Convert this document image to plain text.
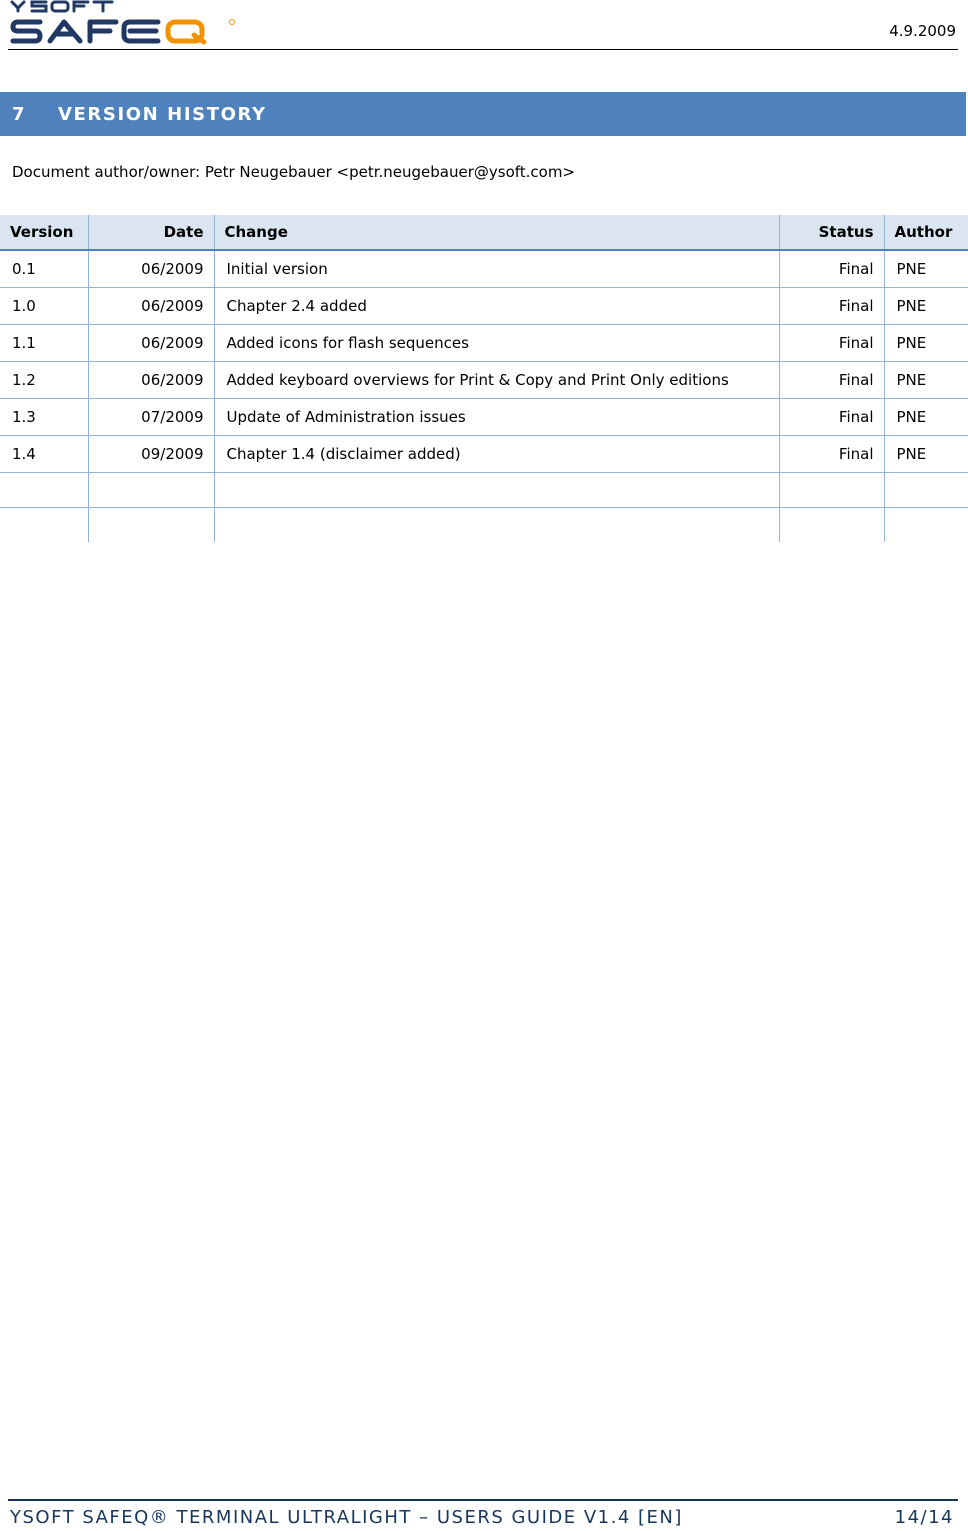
4.9.2009
7	VERSION HISTORY
Document author/owner: Petr Neugebauer <petr.neugebauer@ysoft.com>
Version	Date	Change	Status	Author
0.1	06/2009	Initial version	Final	PNE
1.0	06/2009	Chapter 2.4 added	Final	PNE
1.1	06/2009	Added icons for flash sequences	Final	PNE
1.2	06/2009	Added keyboard overviews for Print & Copy and Print Only editions	Final	PNE
1.3	07/2009	Update of Administration issues	Final	PNE
1.4	09/2009	Chapter 1.4 (disclaimer added)	Final	PNE

YSOFT SAFEQ® TERMINAL ULTRALIGHT – USERS GUIDE V1.4 [EN]	14/14
